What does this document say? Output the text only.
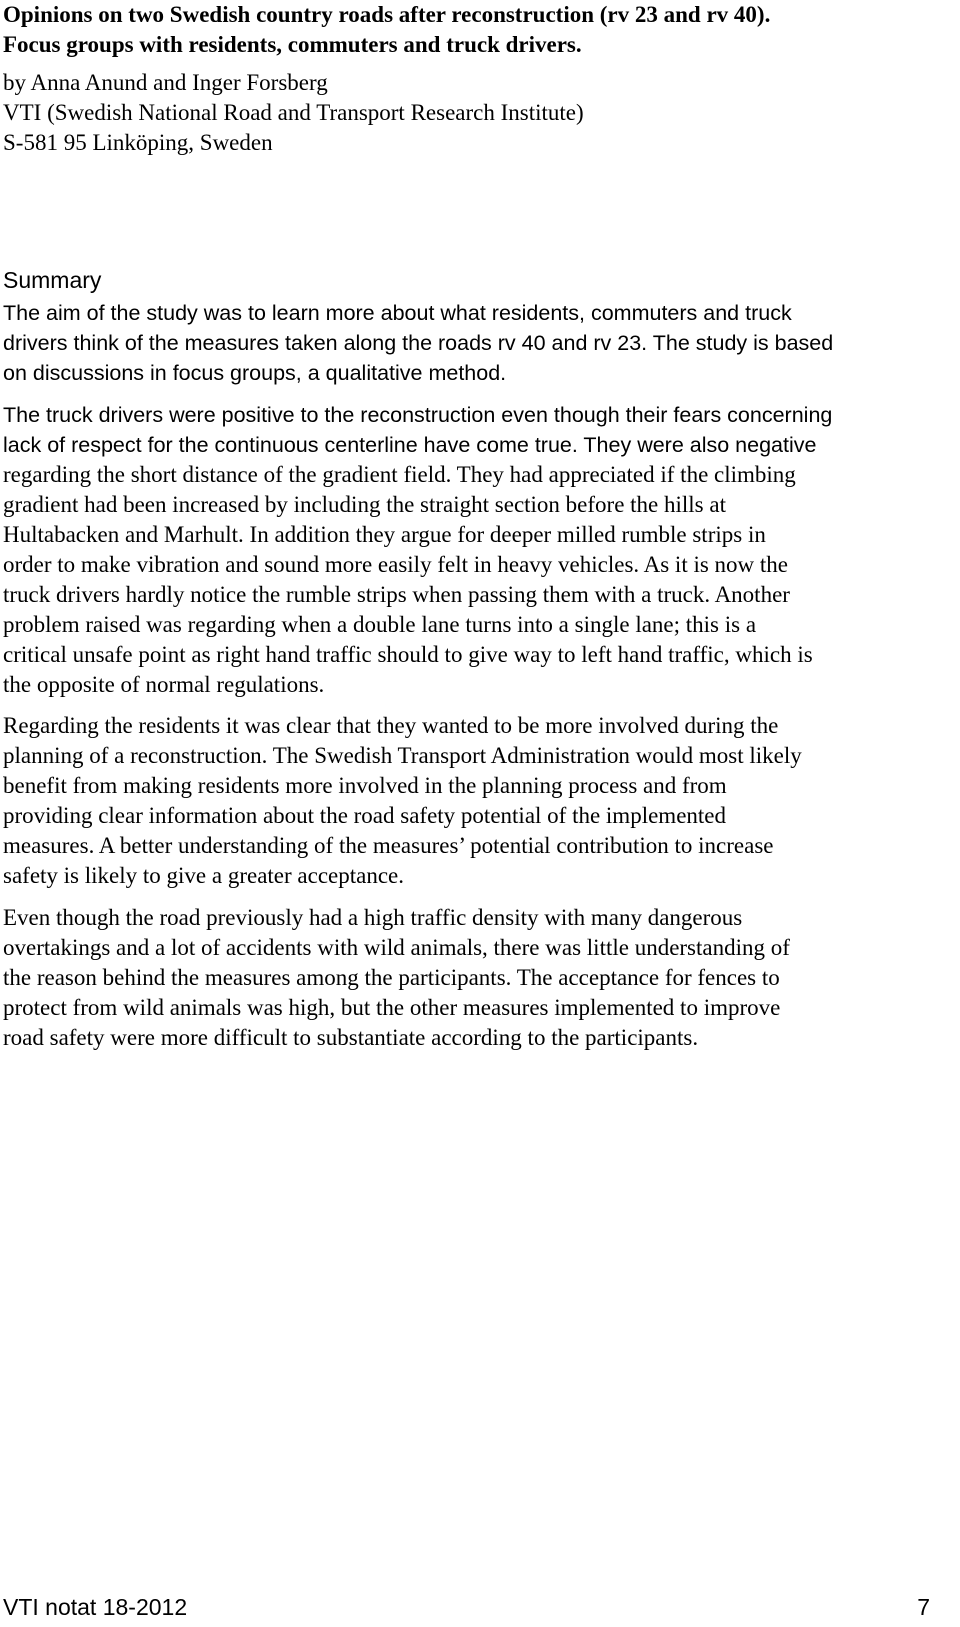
Opinions on two Swedish country roads after reconstruction (rv 23 and rv 40).
Focus groups with residents, commuters and truck drivers.
by Anna Anund and Inger Forsberg
VTI (Swedish National Road and Transport Research Institute)
S-581 95 Linköping, Sweden
Summary
The aim of the study was to learn more about what residents, commuters and truck
drivers think of the measures taken along the roads rv 40 and rv 23. The study is based
on discussions in focus groups, a qualitative method.
The truck drivers were positive to the reconstruction even though their fears concerning
lack of respect for the continuous centerline have come true. They were also negative
regarding the short distance of the gradient field. They had appreciated if the climbing
gradient had been increased by including the straight section before the hills at
Hultabacken and Marhult. In addition they argue for deeper milled rumble strips in
order to make vibration and sound more easily felt in heavy vehicles. As it is now the
truck drivers hardly notice the rumble strips when passing them with a truck. Another
problem raised was regarding when a double lane turns into a single lane; this is a
critical unsafe point as right hand traffic should to give way to left hand traffic, which is
the opposite of normal regulations.
Regarding the residents it was clear that they wanted to be more involved during the
planning of a reconstruction. The Swedish Transport Administration would most likely
benefit from making residents more involved in the planning process and from
providing clear information about the road safety potential of the implemented
measures. A better understanding of the measures’ potential contribution to increase
safety is likely to give a greater acceptance.
Even though the road previously had a high traffic density with many dangerous
overtakings and a lot of accidents with wild animals, there was little understanding of
the reason behind the measures among the participants. The acceptance for fences to
protect from wild animals was high, but the other measures implemented to improve
road safety were more difficult to substantiate according to the participants.
VTI notat 18-2012	7
